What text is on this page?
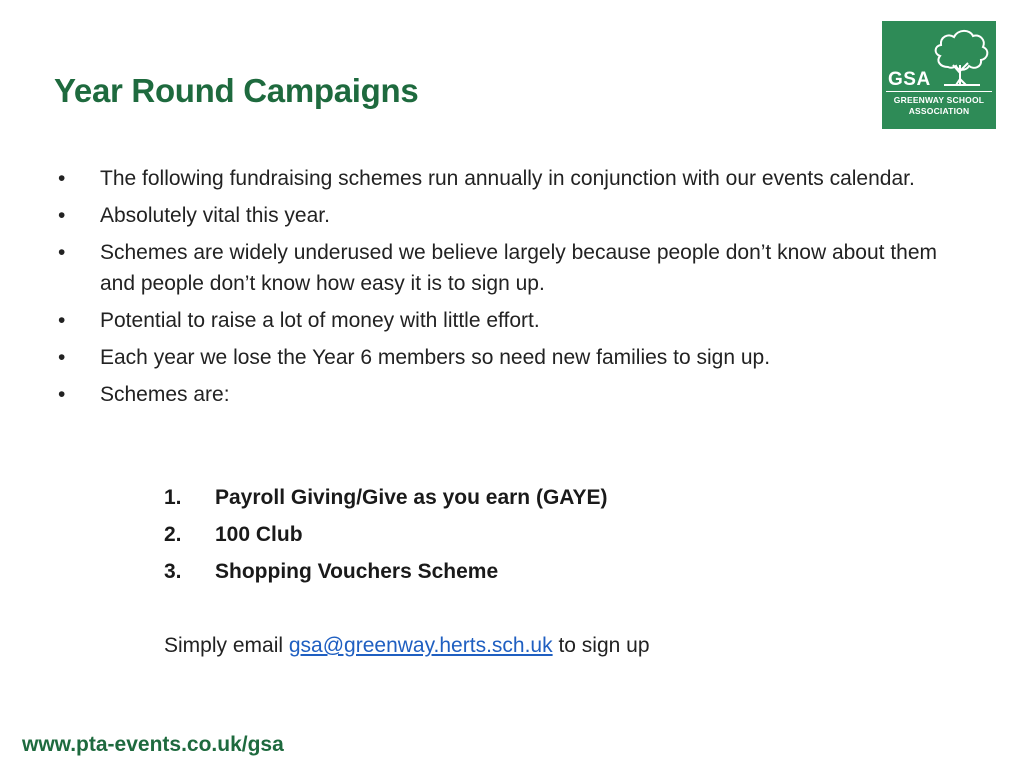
Year Round Campaigns	GSA
GREENWAY SCHOOL
ASSOCIATION
• The following fundraising schemes run annually in conjunction with our events calendar.
• Absolutely vital this year.
• Schemes are widely underused we believe largely because people don’t know about them and people don’t know how easy it is to sign up.
• Potential to raise a lot of money with little effort.
• Each year we lose the Year 6 members so need new families to sign up.
• Schemes are:
1. Payroll Giving/Give as you earn (GAYE)
2. 100 Club
3. Shopping Vouchers Scheme
Simply email gsa@greenway.herts.sch.uk to sign up
www.pta-events.co.uk/gsa
